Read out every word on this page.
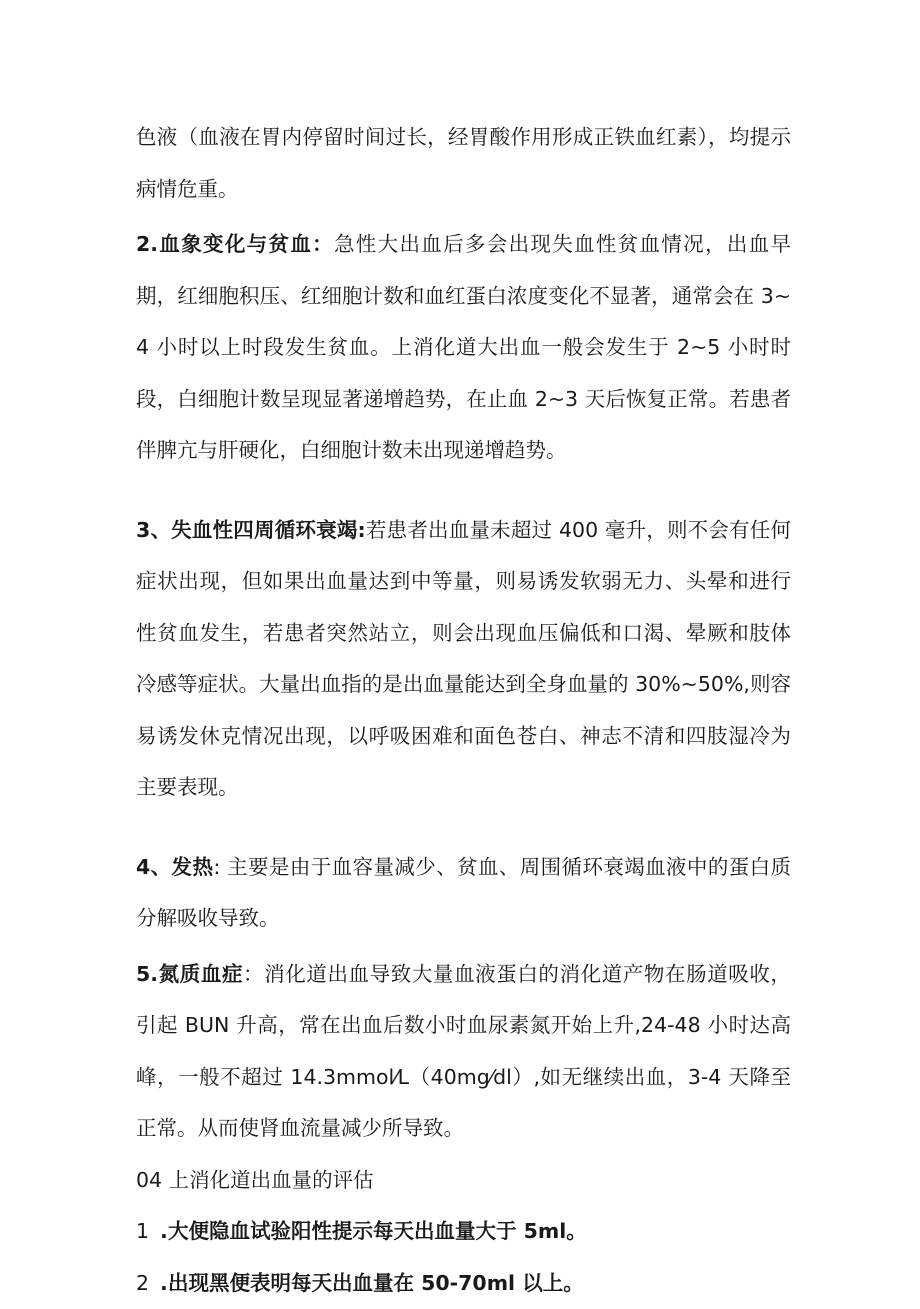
色液（血液在胃内停留时间过长，经胃酸作用形成正铁血红素），均提示病情危重。

2.血象变化与贫血：急性大出血后多会出现失血性贫血情况，出血早期，红细胞积压、红细胞计数和血红蛋白浓度变化不显著，通常会在 3~4 小时以上时段发生贫血。上消化道大出血一般会发生于 2~5 小时时段，白细胞计数呈现显著递增趋势，在止血 2~3 天后恢复正常。若患者伴脾亢与肝硬化，白细胞计数未出现递增趋势。

3、失血性四周循环衰竭:若患者出血量未超过 400 毫升，则不会有任何症状出现，但如果出血量达到中等量，则易诱发软弱无力、头晕和进行性贫血发生，若患者突然站立，则会出现血压偏低和口渴、晕厥和肢体冷感等症状。大量出血指的是出血量能达到全身血量的 30%~50%,则容易诱发休克情况出现，以呼吸困难和面色苍白、神志不清和四肢湿冷为主要表现。

4、发热: 主要是由于血容量减少、贫血、周围循环衰竭血液中的蛋白质分解吸收导致。

5.氮质血症：消化道出血导致大量血液蛋白的消化道产物在肠道吸收，引起 BUN 升高，常在出血后数小时血尿素氮开始上升,24-48 小时达高峰，一般不超过 14.3mmol⁄L（40mg⁄dl）,如无继续出血，3-4 天降至正常。从而使肾血流量减少所导致。

04 上消化道出血量的评估

1 .大便隐血试验阳性提示每天出血量大于 5ml。

2 .出现黑便表明每天出血量在 50-70ml 以上。
